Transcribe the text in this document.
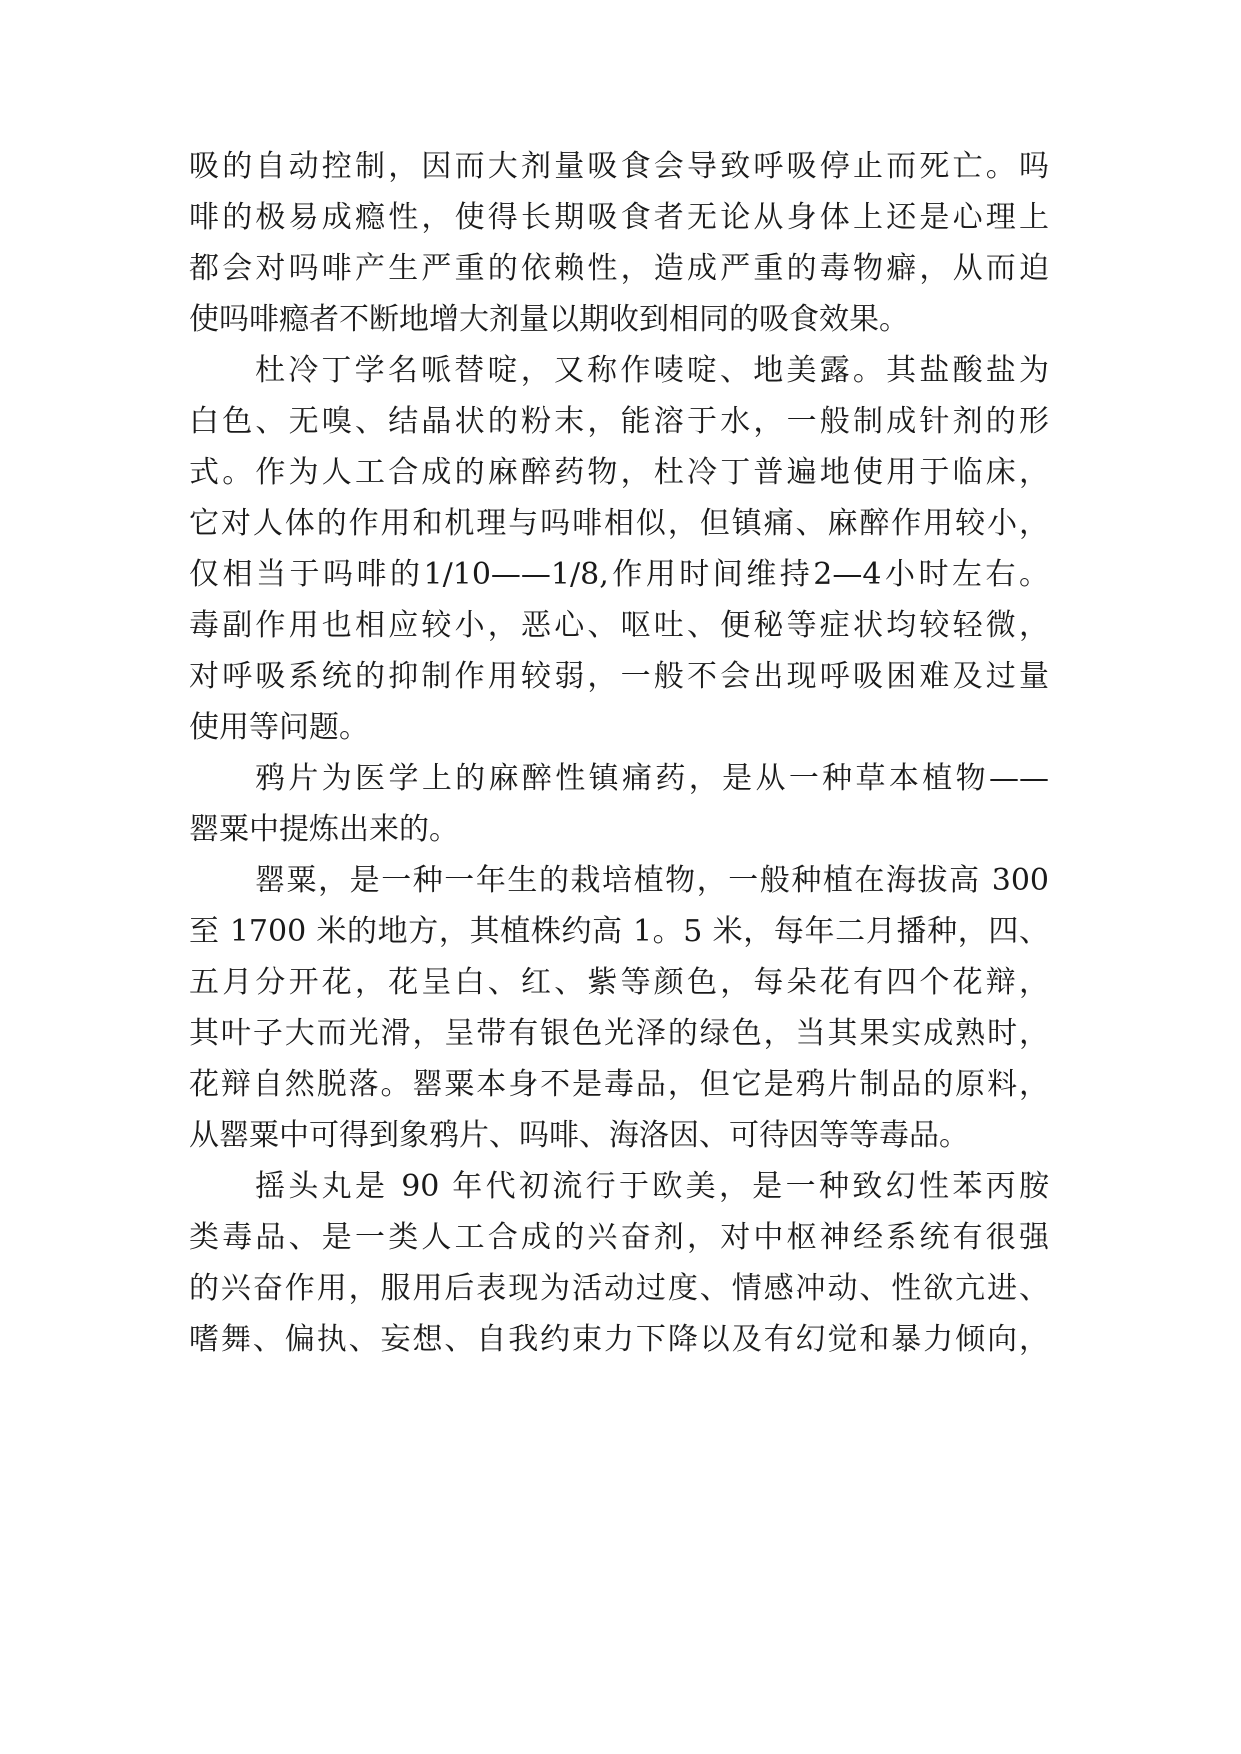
吸的自动控制，因而大剂量吸食会导致呼吸停止而死亡。吗
啡的极易成瘾性，使得长期吸食者无论从身体上还是心理上
都会对吗啡产生严重的依赖性，造成严重的毒物癖，从而迫
使吗啡瘾者不断地增大剂量以期收到相同的吸食效果。
杜冷丁学名哌替啶，又称作唛啶、地美露。其盐酸盐为
白色、无嗅、结晶状的粉末，能溶于水，一般制成针剂的形
式。作为人工合成的麻醉药物，杜冷丁普遍地使用于临床，
它对人体的作用和机理与吗啡相似，但镇痛、麻醉作用较小，
仅相当于吗啡的1/10——1/8,作用时间维持2—4小时左右。
毒副作用也相应较小，恶心、呕吐、便秘等症状均较轻微，
对呼吸系统的抑制作用较弱，一般不会出现呼吸困难及过量
使用等问题。
鸦片为医学上的麻醉性镇痛药，是从一种草本植物——
罂粟中提炼出来的。
罂粟，是一种一年生的栽培植物，一般种植在海拔高 300
至 1700 米的地方，其植株约高 1。5 米，每年二月播种，四、
五月分开花，花呈白、红、紫等颜色，每朵花有四个花辩，
其叶子大而光滑，呈带有银色光泽的绿色，当其果实成熟时，
花辩自然脱落。罂粟本身不是毒品，但它是鸦片制品的原料，
从罂粟中可得到象鸦片、吗啡、海洛因、可待因等等毒品。
摇头丸是 90 年代初流行于欧美，是一种致幻性苯丙胺
类毒品、是一类人工合成的兴奋剂，对中枢神经系统有很强
的兴奋作用，服用后表现为活动过度、情感冲动、性欲亢进、
嗜舞、偏执、妄想、自我约束力下降以及有幻觉和暴力倾向，
